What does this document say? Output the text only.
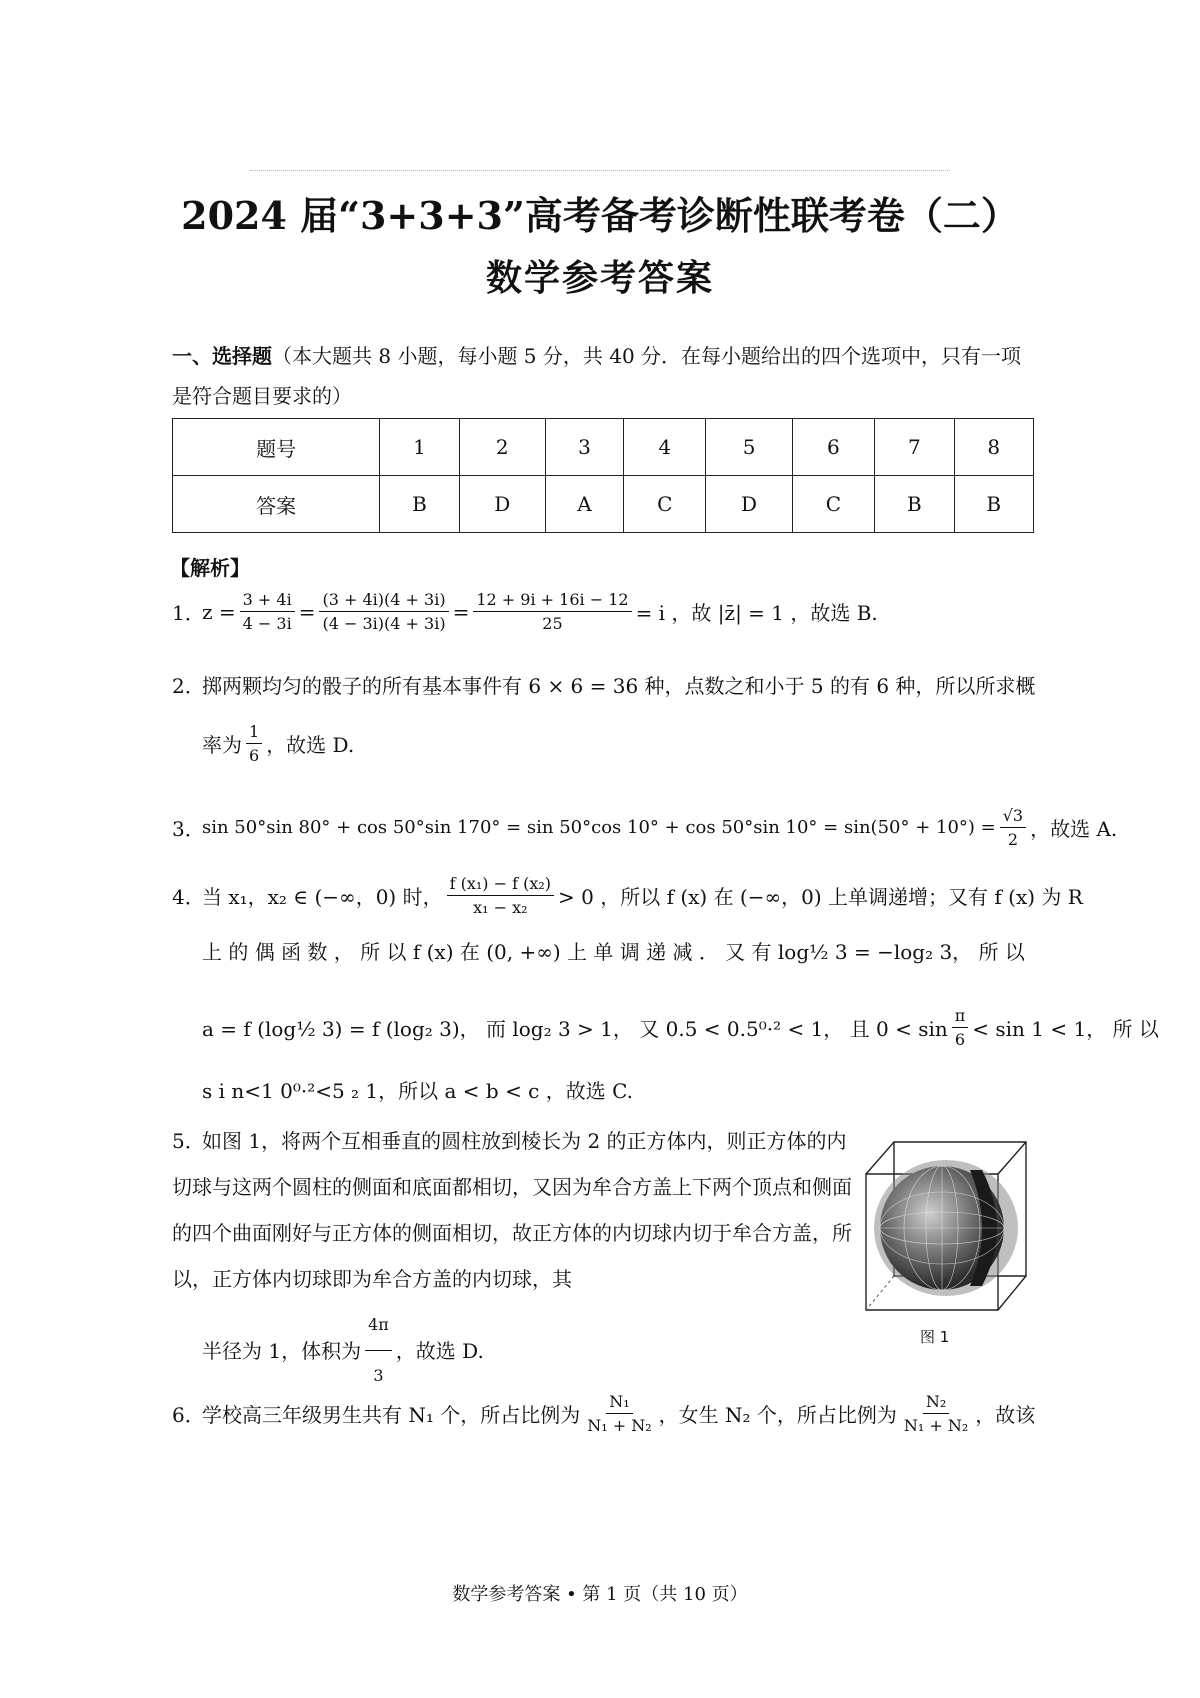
2024 届“3+3+3”高考备考诊断性联考卷（二）
数学参考答案
一、选择题（本大题共 8 小题，每小题 5 分，共 40 分．在每小题给出的四个选项中，只有一项是符合题目要求的）
题号	1	2	3	4	5	6	7	8
答案	B	D	A	C	D	C	B	B
【解析】
1．
$z = \frac{3 + 4i}{4 - 3i} = \frac{(3 + 4i)(4 + 3i)}{(4 - 3i)(4 + 3i)} = \frac{12 + 9i + 16i - 12}{25} = i$ ，故 |z̄| = 1 ，故选 B.
2．
掷两颗均匀的骰子的所有基本事件有 6 × 6 = 36 种，点数之和小于 5 的有 6 种，所以所求概
率为 $\frac{1}{6}$ ，故选 D.
3．
sin 50°sin 80° + cos 50°sin 170° = sin 50°cos 10° + cos 50°sin $10^\circ = \sin(50^\circ + 10^\circ) = \frac{√3}{2}$ ，故选 A.
4．
当 x₁，x₂ ∈ (−∞，0) 时， $\frac{\text{f (x₁) − f (x₂)}}{\text{x₁ − x₂}} > 0$ ，所以 f (x) 在 (−∞，0) 上单调递增；又有 f (x) 为 R
上 的 偶 函 数 ， 所 以 f (x) 在 (0, +∞) 上 单 调 递 减 ． 又 有 log½ 3 = −log₂ 3， 所 以
a = f (log½ 3) = f (log₂ 3)， 而 log₂ 3 > 1， 又 0.5 < 0.5⁰·² < 1， 且 $0 < \sin \frac{\pi}{6} < \sin 1 < 1$， 所 以
s i n<1 0⁰·²<5 ₂ 1，所以 a < b < c ，故选 C.
5．如图 1，将两个互相垂直的圆柱放到棱长为 2 的正方体内，则正方体的内切球与这两个圆柱的侧面和底面都相切，又因为牟合方盖上下两个顶点和侧面的四个曲面刚好与正方体的侧面相切，故正方体的内切球内切于牟合方盖，所以，正方体内切球即为牟合方盖的内切球，其

半径为 1，体积为 $\frac{4\pi}{3}$ ，故选 D.
图 1
6．
学校高三年级男生共有 N₁ 个，所占比例为 $\frac{\text{N₁}}{\text{N₁ + N₂}}$ ，女生 N₂ 个，所占比例为 $\frac{\text{N₂}}{\text{N₁ + N₂}}$ ，故该
数学参考答案 • 第 1 页（共 10 页）
